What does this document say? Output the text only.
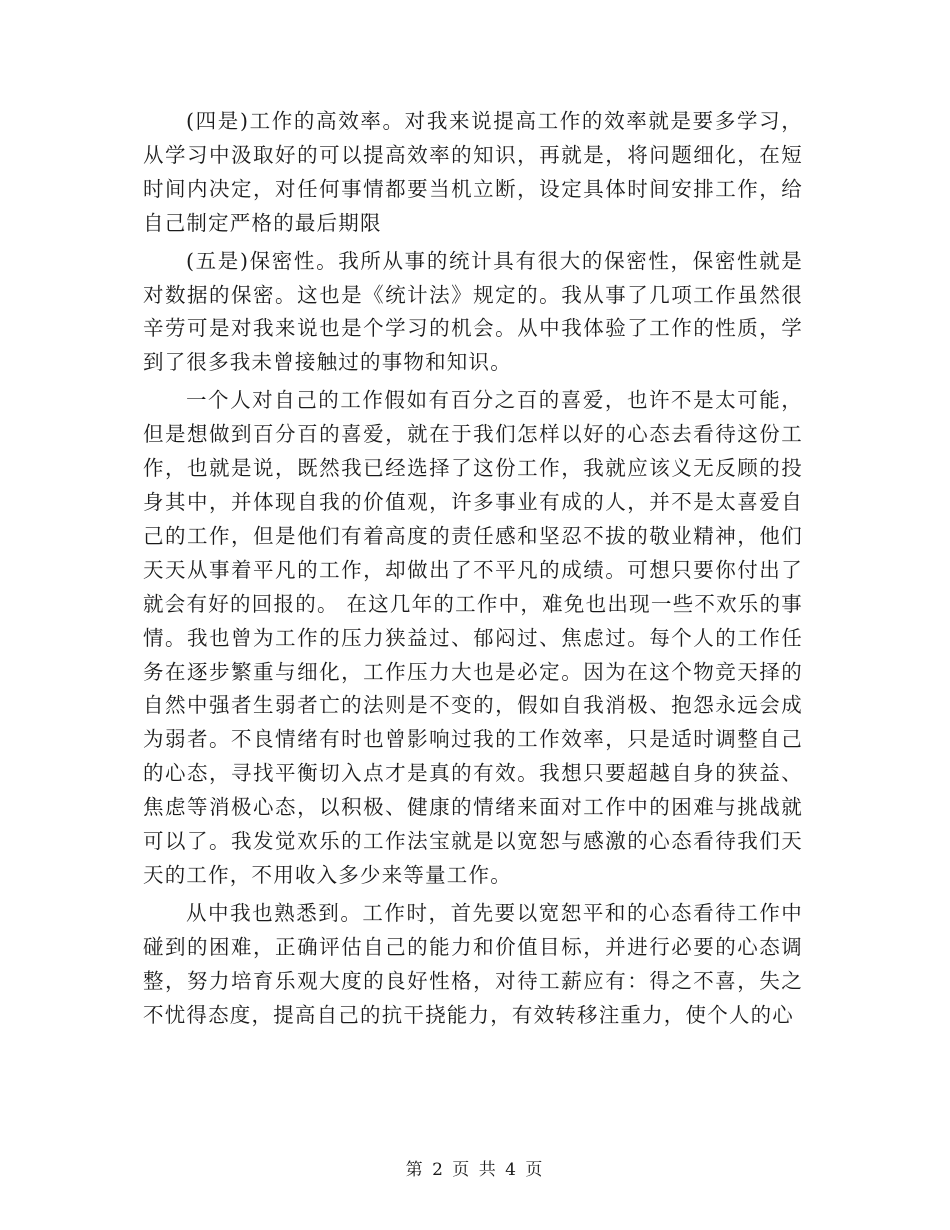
(四是)工作的高效率。对我来说提高工作的效率就是要多学习，从学习中汲取好的可以提高效率的知识，再就是，将问题细化，在短时间内决定，对任何事情都要当机立断，设定具体时间安排工作，给自己制定严格的最后期限

(五是)保密性。我所从事的统计具有很大的保密性，保密性就是对数据的保密。这也是《统计法》规定的。我从事了几项工作虽然很辛劳可是对我来说也是个学习的机会。从中我体验了工作的性质，学到了很多我未曾接触过的事物和知识。

一个人对自己的工作假如有百分之百的喜爱，也许不是太可能，但是想做到百分百的喜爱，就在于我们怎样以好的心态去看待这份工作，也就是说，既然我已经选择了这份工作，我就应该义无反顾的投身其中，并体现自我的价值观，许多事业有成的人，并不是太喜爱自己的工作，但是他们有着高度的责任感和坚忍不拔的敬业精神，他们天天从事着平凡的工作，却做出了不平凡的成绩。可想只要你付出了就会有好的回报的。 在这几年的工作中，难免也出现一些不欢乐的事情。我也曾为工作的压力狭益过、郁闷过、焦虑过。每个人的工作任务在逐步繁重与细化，工作压力大也是必定。因为在这个物竞天择的自然中强者生弱者亡的法则是不变的，假如自我消极、抱怨永远会成为弱者。不良情绪有时也曾影响过我的工作效率，只是适时调整自己的心态，寻找平衡切入点才是真的有效。我想只要超越自身的狭益、焦虑等消极心态，以积极、健康的情绪来面对工作中的困难与挑战就可以了。我发觉欢乐的工作法宝就是以宽恕与感激的心态看待我们天天的工作，不用收入多少来等量工作。

从中我也熟悉到。工作时，首先要以宽恕平和的心态看待工作中碰到的困难，正确评估自己的能力和价值目标，并进行必要的心态调整，努力培育乐观大度的良好性格，对待工薪应有：得之不喜，失之不忧得态度，提高自己的抗干挠能力，有效转移注重力，使个人的心

第 2 页 共 4 页
